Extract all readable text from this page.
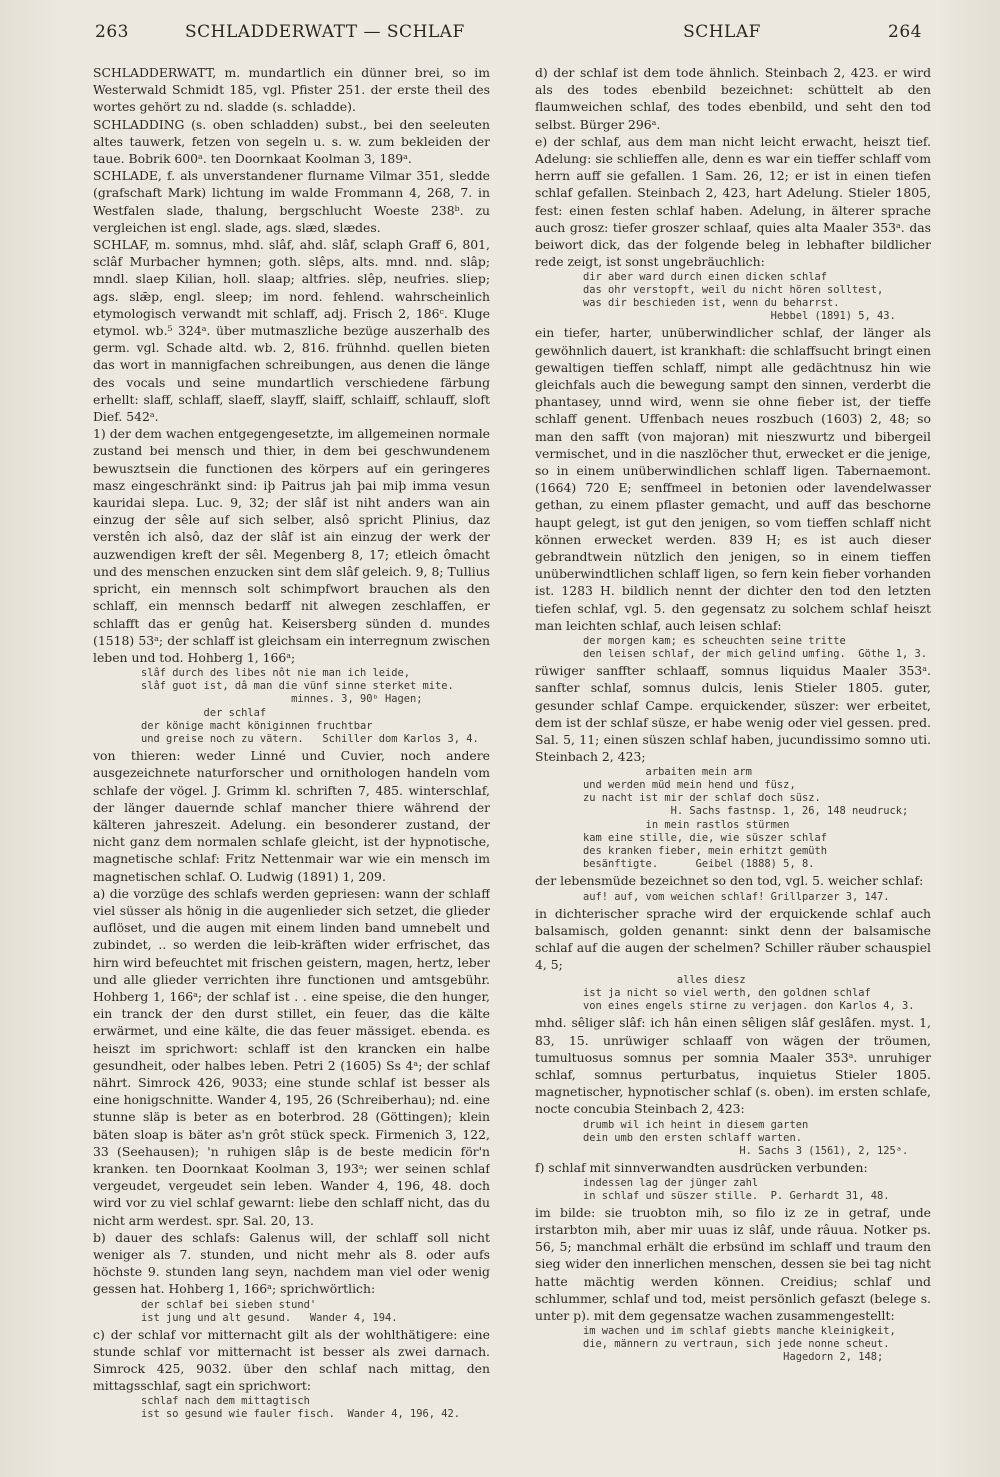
263	SCHLADDERWATT — SCHLAF	SCHLAF	264

SCHLADDERWATT, m. mundartlich ein dünner brei, so im Westerwald Schmidt 185, vgl. Pfister 251. der erste theil des wortes gehört zu nd. sladde (s. schladde).

SCHLADDING (s. oben schladden) subst., bei den seeleuten altes tauwerk, fetzen von segeln u. s. w. zum bekleiden der taue. Bobrik 600ᵃ. ten Doornkaat Koolman 3, 189ᵃ.

SCHLADE, f. als unverstandener flurname Vilmar 351, sledde (grafschaft Mark) lichtung im walde Frommann 4, 268, 7. in Westfalen slade, thalung, bergschlucht Woeste 238ᵇ. zu vergleichen ist engl. slade, ags. slæd, slædes.

SCHLAF, m. somnus, mhd. slâf, ahd. slâf, sclaph Graff 6, 801, sclâf Murbacher hymnen; goth. slêps, alts. mnd. nnd. slâp; mndl. slaep Kilian, holl. slaap; altfries. slêp, neufries. sliep; ags. slǣp, engl. sleep; im nord. fehlend. wahrscheinlich etymologisch verwandt mit schlaff, adj. Frisch 2, 186ᶜ. Kluge etymol. wb.⁵ 324ᵃ. über mutmaszliche bezüge auszerhalb des germ. vgl. Schade altd. wb. 2, 816. frühnhd. quellen bieten das wort in mannigfachen schreibungen, aus denen die länge des vocals und seine mundartlich verschiedene färbung erhellt: slaff, schlaff, slaeff, slayff, slaiff, schlaiff, schlauff, sloft Dief. 542ᵃ.

1) der dem wachen entgegengesetzte, im allgemeinen normale zustand bei mensch und thier, in dem bei geschwundenem bewusztsein die functionen des körpers auf ein geringeres masz eingeschränkt sind: iþ Paitrus jah þai miþ imma vesun kauridai slepa. Luc. 9, 32; der slâf ist niht anders wan ain einzug der sêle auf sich selber, alsô spricht Plinius, daz verstên ich alsô, daz der slâf ist ain einzug der werk der auzwendigen kreft der sêl. Megenberg 8, 17; etleich ômacht und des menschen enzucken sint dem slâf geleich. 9, 8; Tullius spricht, ein mennsch solt schimpfwort brauchen als den schlaff, ein mennsch bedarff nit alwegen zeschlaffen, er schlafft das er genûg hat. Keisersberg sünden d. mundes (1518) 53ᵃ; der schlaff ist gleichsam ein interregnum zwischen leben und tod. Hohberg 1, 166ᵃ;

slâf durch des libes nôt nie man ich leide,
slâf guot ist, dâ man die vünf sinne sterket mite.
minnes. 3, 90ᵇ Hagen;
der schlaf
der könige macht königinnen fruchtbar
und greise noch zu vätern.   Schiller dom Karlos 3, 4.

von thieren: weder Linné und Cuvier, noch andere ausgezeichnete naturforscher und ornithologen handeln vom schlafe der vögel. J. Grimm kl. schriften 7, 485. winterschlaf, der länger dauernde schlaf mancher thiere während der kälteren jahreszeit. Adelung. ein besonderer zustand, der nicht ganz dem normalen schlafe gleicht, ist der hypnotische, magnetische schlaf: Fritz Nettenmair war wie ein mensch im magnetischen schlaf. O. Ludwig (1891) 1, 209.

a) die vorzüge des schlafs werden gepriesen: wann der schlaff viel süsser als hönig in die augenlieder sich setzet, die glieder auflöset, und die augen mit einem linden band umnebelt und zubindet, .. so werden die leib-kräften wider erfrischet, das hirn wird befeuchtet mit frischen geistern, magen, hertz, leber und alle glieder verrichten ihre functionen und amtsgebühr. Hohberg 1, 166ᵃ; der schlaf ist . . eine speise, die den hunger, ein tranck der den durst stillet, ein feuer, das die kälte erwärmet, und eine kälte, die das feuer mässiget. ebenda. es heiszt im sprichwort: schlaff ist den krancken ein halbe gesundheit, oder halbes leben. Petri 2 (1605) Ss 4ᵃ; der schlaf nährt. Simrock 426, 9033; eine stunde schlaf ist besser als eine honigschnitte. Wander 4, 195, 26 (Schreiberhau); nd. eine stunne släp is beter as en boterbrod. 28 (Göttingen); klein bäten sloap is bäter as'n grôt stück speck. Firmenich 3, 122, 33 (Seehausen); 'n ruhigen slâp is de beste medicin för'n kranken. ten Doornkaat Koolman 3, 193ᵃ; wer seinen schlaf vergeudet, vergeudet sein leben. Wander 4, 196, 48. doch wird vor zu viel schlaf gewarnt: liebe den schlaff nicht, das du nicht arm werdest. spr. Sal. 20, 13.

b) dauer des schlafs: Galenus will, der schlaff soll nicht weniger als 7. stunden, und nicht mehr als 8. oder aufs höchste 9. stunden lang seyn, nachdem man viel oder wenig gessen hat. Hohberg 1, 166ᵃ; sprichwörtlich:

der schlaf bei sieben stund'
ist jung und alt gesund.   Wander 4, 194.

c) der schlaf vor mitternacht gilt als der wohlthätigere: eine stunde schlaf vor mitternacht ist besser als zwei darnach. Simrock 425, 9032. über den schlaf nach mittag, den mittagsschlaf, sagt ein sprichwort:

schlaf nach dem mittagtisch
ist so gesund wie fauler fisch.  Wander 4, 196, 42.

d) der schlaf ist dem tode ähnlich. Steinbach 2, 423. er wird als des todes ebenbild bezeichnet: schüttelt ab den flaumweichen schlaf, des todes ebenbild, und seht den tod selbst. Bürger 296ᵃ.

e) der schlaf, aus dem man nicht leicht erwacht, heiszt tief. Adelung: sie schlieffen alle, denn es war ein tieffer schlaff vom herrn auff sie gefallen. 1 Sam. 26, 12; er ist in einen tiefen schlaf gefallen. Steinbach 2, 423, hart Adelung. Stieler 1805, fest: einen festen schlaf haben. Adelung, in älterer sprache auch grosz: tiefer groszer schlaaf, quies alta Maaler 353ᵃ. das beiwort dick, das der folgende beleg in lebhafter bildlicher rede zeigt, ist sonst ungebräuchlich:

dir aber ward durch einen dicken schlaf
das ohr verstopft, weil du nicht hören solltest,
was dir beschieden ist, wenn du beharrst.
Hebbel (1891) 5, 43.

ein tiefer, harter, unüberwindlicher schlaf, der länger als gewöhnlich dauert, ist krankhaft: die schlaffsucht bringt einen gewaltigen tieffen schlaff, nimpt alle gedächtnusz hin wie gleichfals auch die bewegung sampt den sinnen, verderbt die phantasey, unnd wird, wenn sie ohne fieber ist, der tieffe schlaff genent. Uffenbach neues roszbuch (1603) 2, 48; so man den safft (von majoran) mit nieszwurtz und bibergeil vermischet, und in die naszlöcher thut, erwecket er die jenige, so in einem unüberwindlichen schlaff ligen. Tabernaemont. (1664) 720 E; senffmeel in betonien oder lavendelwasser gethan, zu einem pflaster gemacht, und auff das beschorne haupt gelegt, ist gut den jenigen, so vom tieffen schlaff nicht können erwecket werden. 839 H; es ist auch dieser gebrandtwein nützlich den jenigen, so in einem tieffen unüberwindtlichen schlaff ligen, so fern kein fieber vorhanden ist. 1283 H. bildlich nennt der dichter den tod den letzten tiefen schlaf, vgl. 5. den gegensatz zu solchem schlaf heiszt man leichten schlaf, auch leisen schlaf:

der morgen kam; es scheuchten seine tritte
den leisen schlaf, der mich gelind umfing.  Göthe 1, 3.

rüwiger sanffter schlaaff, somnus liquidus Maaler 353ᵃ. sanfter schlaf, somnus dulcis, lenis Stieler 1805. guter, gesunder schlaf Campe. erquickender, süszer: wer erbeitet, dem ist der schlaf süsze, er habe wenig oder viel gessen. pred. Sal. 5, 11; einen süszen schlaf haben, jucundissimo somno uti. Steinbach 2, 423;

arbaiten mein arm
und werden müd mein hend und füsz,
zu nacht ist mir der schlaf doch süsz.
H. Sachs fastnsp. 1, 26, 148 neudruck;
in mein rastlos stürmen
kam eine stille, die, wie süszer schlaf
des kranken fieber, mein erhitzt gemüth
besänftigte.      Geibel (1888) 5, 8.

der lebensmüde bezeichnet so den tod, vgl. 5. weicher schlaf:

auf! auf, vom weichen schlaf! Grillparzer 3, 147.

in dichterischer sprache wird der erquickende schlaf auch balsamisch, golden genannt: sinkt denn der balsamische schlaf auf die augen der schelmen? Schiller räuber schauspiel 4, 5;

alles diesz
ist ja nicht so viel werth, den goldnen schlaf
von eines engels stirne zu verjagen. don Karlos 4, 3.

mhd. sêliger slâf: ich hân einen sêligen slâf geslâfen. myst. 1, 83, 15. unrüwiger schlaaff von wägen der tröumen, tumultuosus somnus per somnia Maaler 353ᵃ. unruhiger schlaf, somnus perturbatus, inquietus Stieler 1805. magnetischer, hypnotischer schlaf (s. oben). im ersten schlafe, nocte concubia Steinbach 2, 423:

drumb wil ich heint in diesem garten
dein umb den ersten schlaff warten.
H. Sachs 3 (1561), 2, 125ᵃ.

f) schlaf mit sinnverwandten ausdrücken verbunden:

indessen lag der jünger zahl
in schlaf und süszer stille.  P. Gerhardt 31, 48.

im bilde: sie truobton mih, so filo iz ze in getraf, unde irstarbton mih, aber mir uuas iz slâf, unde râuua. Notker ps. 56, 5; manchmal erhält die erbsünd im schlaff und traum den sieg wider den innerlichen menschen, dessen sie bei tag nicht hatte mächtig werden können. Creidius; schlaf und schlummer, schlaf und tod, meist persönlich gefaszt (belege s. unter p). mit dem gegensatze wachen zusammengestellt:

im wachen und im schlaf giebts manche kleinigkeit,
die, männern zu vertraun, sich jede nonne scheut.
Hagedorn 2, 148;
